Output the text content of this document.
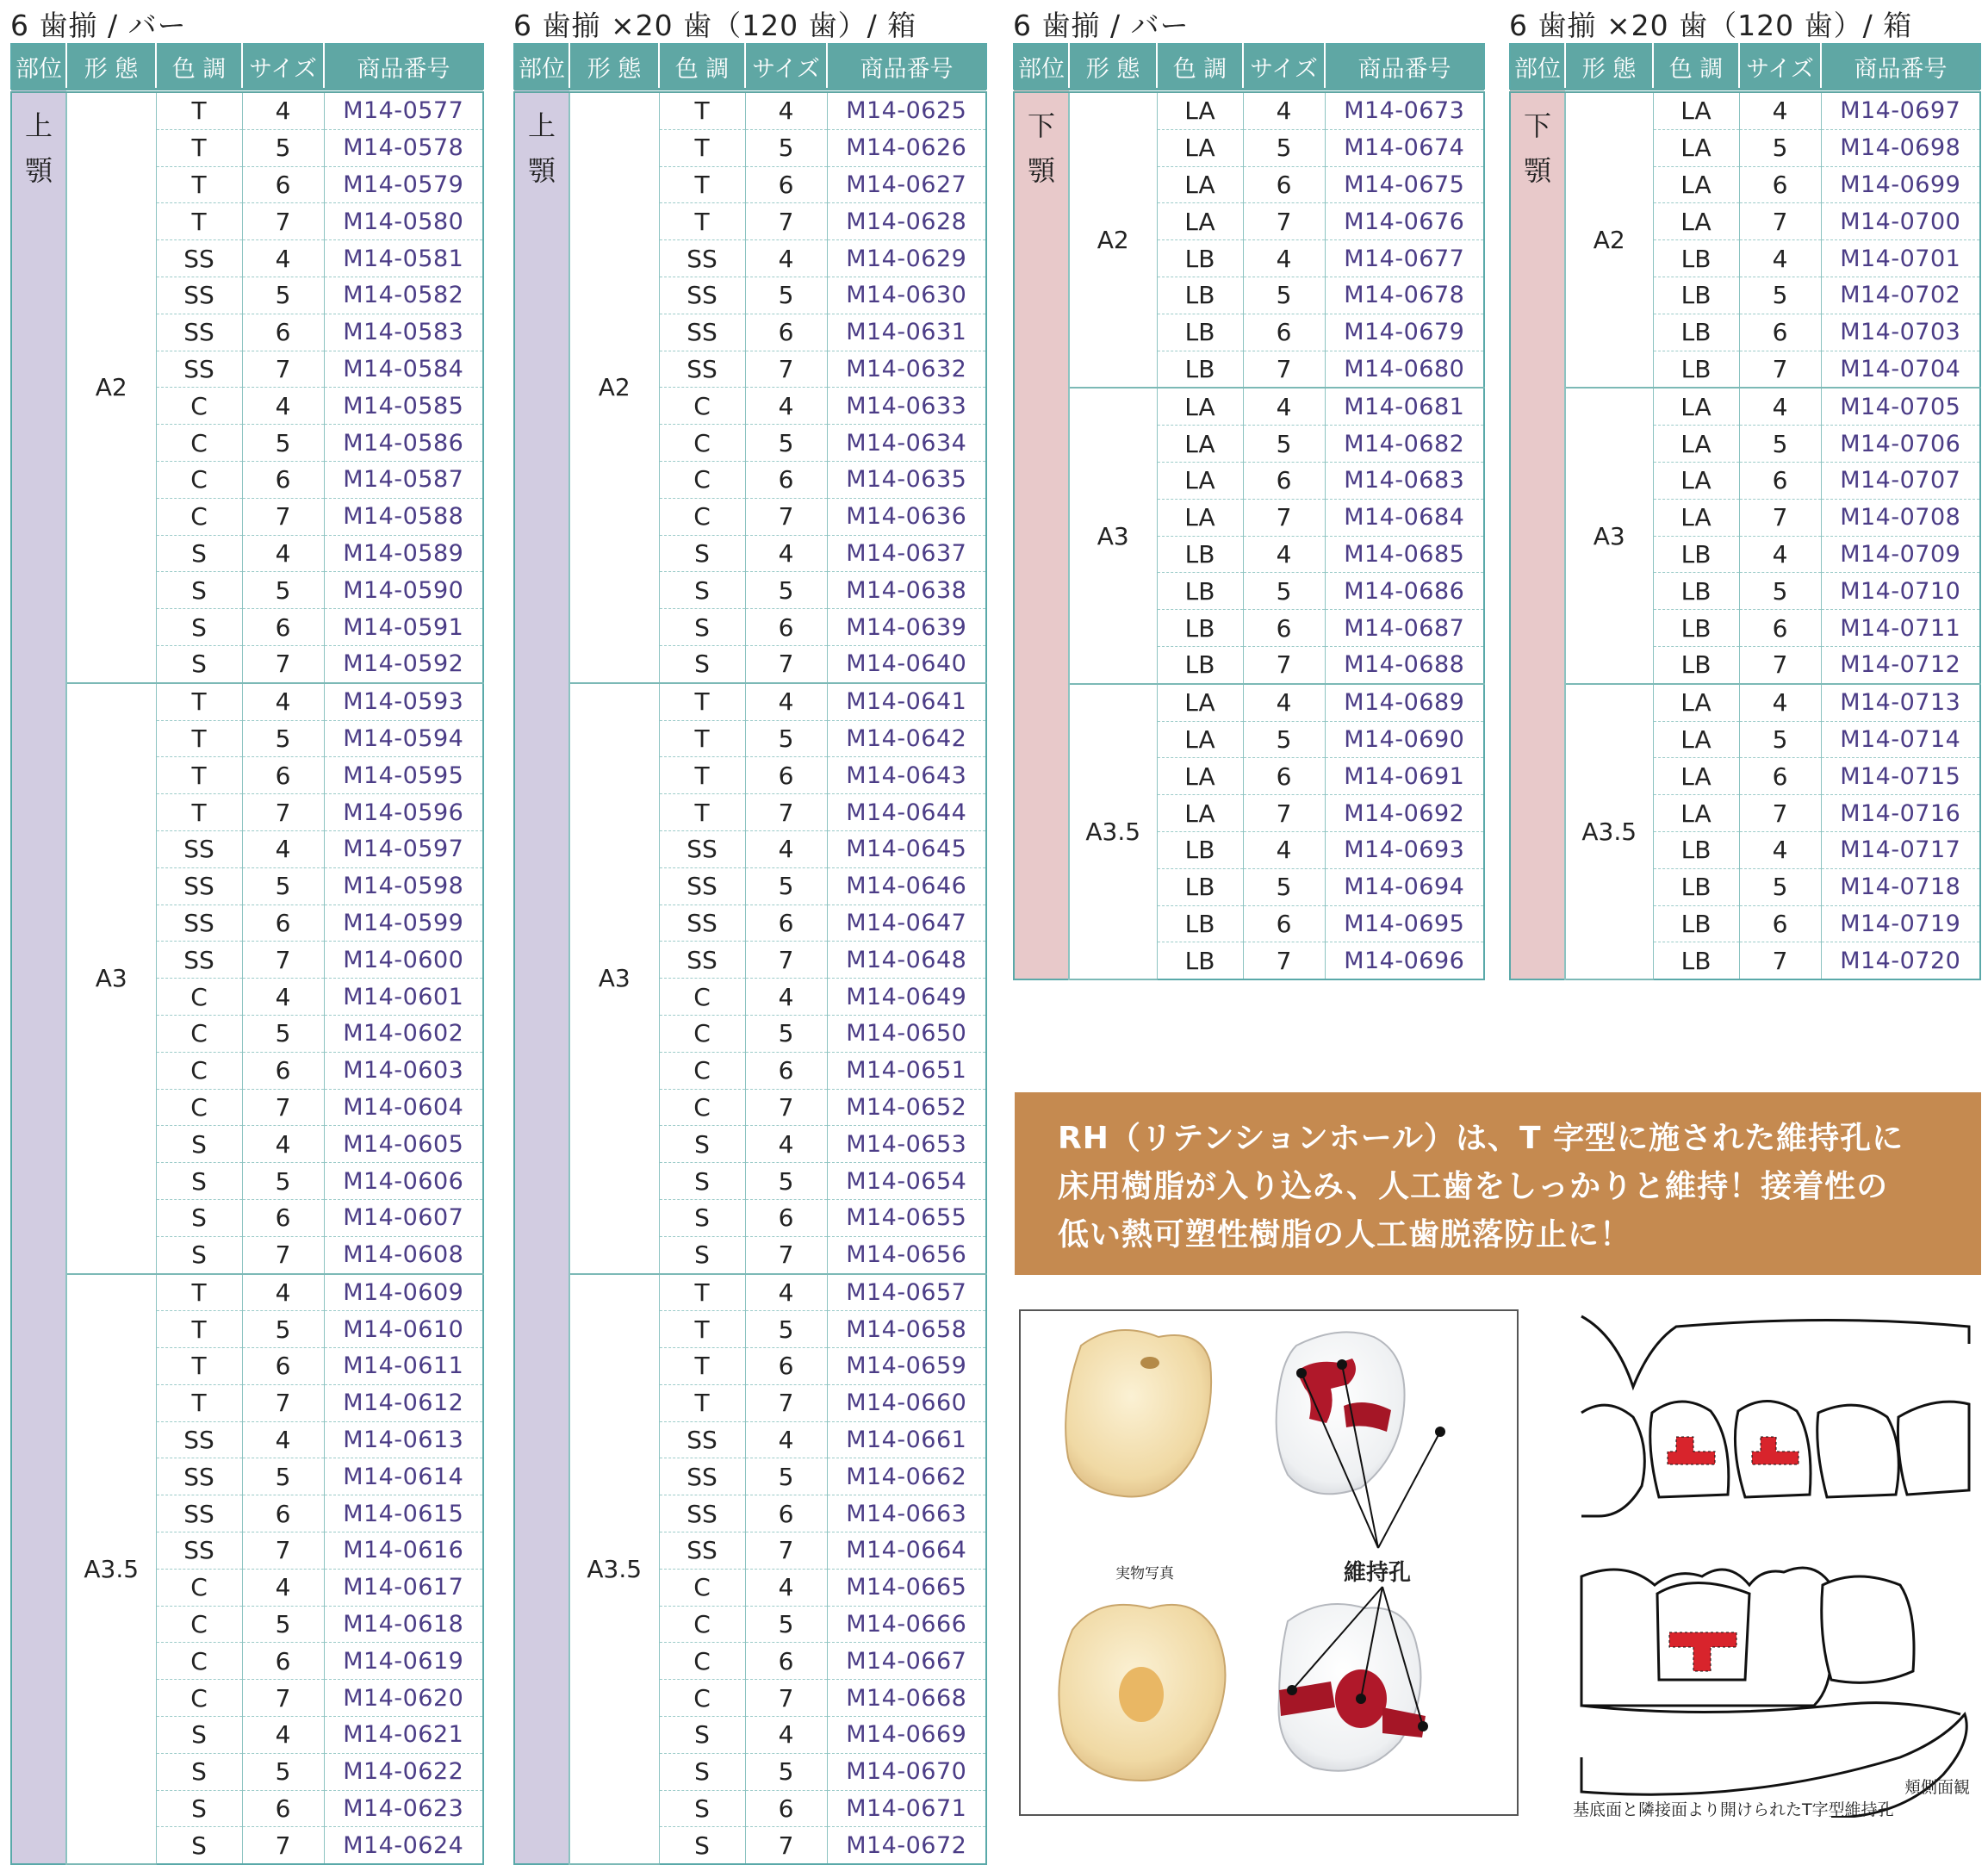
6 歯揃 / バー
部位	形 態	色 調	サイズ	商品番号

上
顎	A2	T	4	M14-0577
		T	5	M14-0578
		T	6	M14-0579
		T	7	M14-0580
		SS	4	M14-0581
		SS	5	M14-0582
		SS	6	M14-0583
		SS	7	M14-0584
		C	4	M14-0585
		C	5	M14-0586
		C	6	M14-0587
		C	7	M14-0588
		S	4	M14-0589
		S	5	M14-0590
		S	6	M14-0591
		S	7	M14-0592
	A3	T	4	M14-0593
		T	5	M14-0594
		T	6	M14-0595
		T	7	M14-0596
		SS	4	M14-0597
		SS	5	M14-0598
		SS	6	M14-0599
		SS	7	M14-0600
		C	4	M14-0601
		C	5	M14-0602
		C	6	M14-0603
		C	7	M14-0604
		S	4	M14-0605
		S	5	M14-0606
		S	6	M14-0607
		S	7	M14-0608
	A3.5	T	4	M14-0609
		T	5	M14-0610
		T	6	M14-0611
		T	7	M14-0612
		SS	4	M14-0613
		SS	5	M14-0614
		SS	6	M14-0615
		SS	7	M14-0616
		C	4	M14-0617
		C	5	M14-0618
		C	6	M14-0619
		C	7	M14-0620
		S	4	M14-0621
		S	5	M14-0622
		S	6	M14-0623
		S	7	M14-0624
6 歯揃 ×20 歯（120 歯）/ 箱
部位	形 態	色 調	サイズ	商品番号

上
顎	A2	T	4	M14-0625
		T	5	M14-0626
		T	6	M14-0627
		T	7	M14-0628
		SS	4	M14-0629
		SS	5	M14-0630
		SS	6	M14-0631
		SS	7	M14-0632
		C	4	M14-0633
		C	5	M14-0634
		C	6	M14-0635
		C	7	M14-0636
		S	4	M14-0637
		S	5	M14-0638
		S	6	M14-0639
		S	7	M14-0640
	A3	T	4	M14-0641
		T	5	M14-0642
		T	6	M14-0643
		T	7	M14-0644
		SS	4	M14-0645
		SS	5	M14-0646
		SS	6	M14-0647
		SS	7	M14-0648
		C	4	M14-0649
		C	5	M14-0650
		C	6	M14-0651
		C	7	M14-0652
		S	4	M14-0653
		S	5	M14-0654
		S	6	M14-0655
		S	7	M14-0656
	A3.5	T	4	M14-0657
		T	5	M14-0658
		T	6	M14-0659
		T	7	M14-0660
		SS	4	M14-0661
		SS	5	M14-0662
		SS	6	M14-0663
		SS	7	M14-0664
		C	4	M14-0665
		C	5	M14-0666
		C	6	M14-0667
		C	7	M14-0668
		S	4	M14-0669
		S	5	M14-0670
		S	6	M14-0671
		S	7	M14-0672
6 歯揃 / バー
部位	形 態	色 調	サイズ	商品番号

下
顎	A2	LA	4	M14-0673
		LA	5	M14-0674
		LA	6	M14-0675
		LA	7	M14-0676
		LB	4	M14-0677
		LB	5	M14-0678
		LB	6	M14-0679
		LB	7	M14-0680
	A3	LA	4	M14-0681
		LA	5	M14-0682
		LA	6	M14-0683
		LA	7	M14-0684
		LB	4	M14-0685
		LB	5	M14-0686
		LB	6	M14-0687
		LB	7	M14-0688
	A3.5	LA	4	M14-0689
		LA	5	M14-0690
		LA	6	M14-0691
		LA	7	M14-0692
		LB	4	M14-0693
		LB	5	M14-0694
		LB	6	M14-0695
		LB	7	M14-0696
6 歯揃 ×20 歯（120 歯）/ 箱
部位	形 態	色 調	サイズ	商品番号

下
顎	A2	LA	4	M14-0697
		LA	5	M14-0698
		LA	6	M14-0699
		LA	7	M14-0700
		LB	4	M14-0701
		LB	5	M14-0702
		LB	6	M14-0703
		LB	7	M14-0704
	A3	LA	4	M14-0705
		LA	5	M14-0706
		LA	6	M14-0707
		LA	7	M14-0708
		LB	4	M14-0709
		LB	5	M14-0710
		LB	6	M14-0711
		LB	7	M14-0712
	A3.5	LA	4	M14-0713
		LA	5	M14-0714
		LA	6	M14-0715
		LA	7	M14-0716
		LB	4	M14-0717
		LB	5	M14-0718
		LB	6	M14-0719
		LB	7	M14-0720
RH（リテンションホール）は、T 字型に施された維持孔に
床用樹脂が入り込み、人工歯をしっかりと維持！接着性の
低い熱可塑性樹脂の人工歯脱落防止に！
実物写真	維持孔
頬側面観
基底面と隣接面より開けられたT字型維持孔
